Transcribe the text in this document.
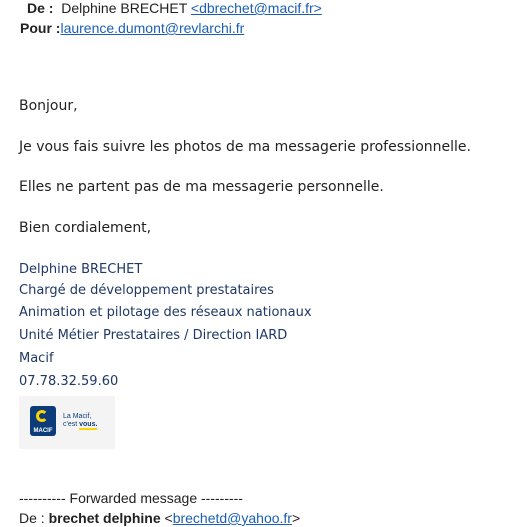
De : Delphine BRECHET <dbrechet@macif.fr>
Pour :laurence.dumont@revlarchi.fr
Bonjour,
Je vous fais suivre les photos de ma messagerie professionnelle.
Elles ne partent pas de ma messagerie personnelle.
Bien cordialement,
Delphine BRECHET
Chargé de développement prestataires
Animation et pilotage des réseaux nationaux
Unité Métier Prestataires / Direction IARD
Macif
07.78.32.59.60
MACIF
La Macif,
c'est vous.
---------- Forwarded message ---------
De : brechet delphine <brechetd@yahoo.fr>
